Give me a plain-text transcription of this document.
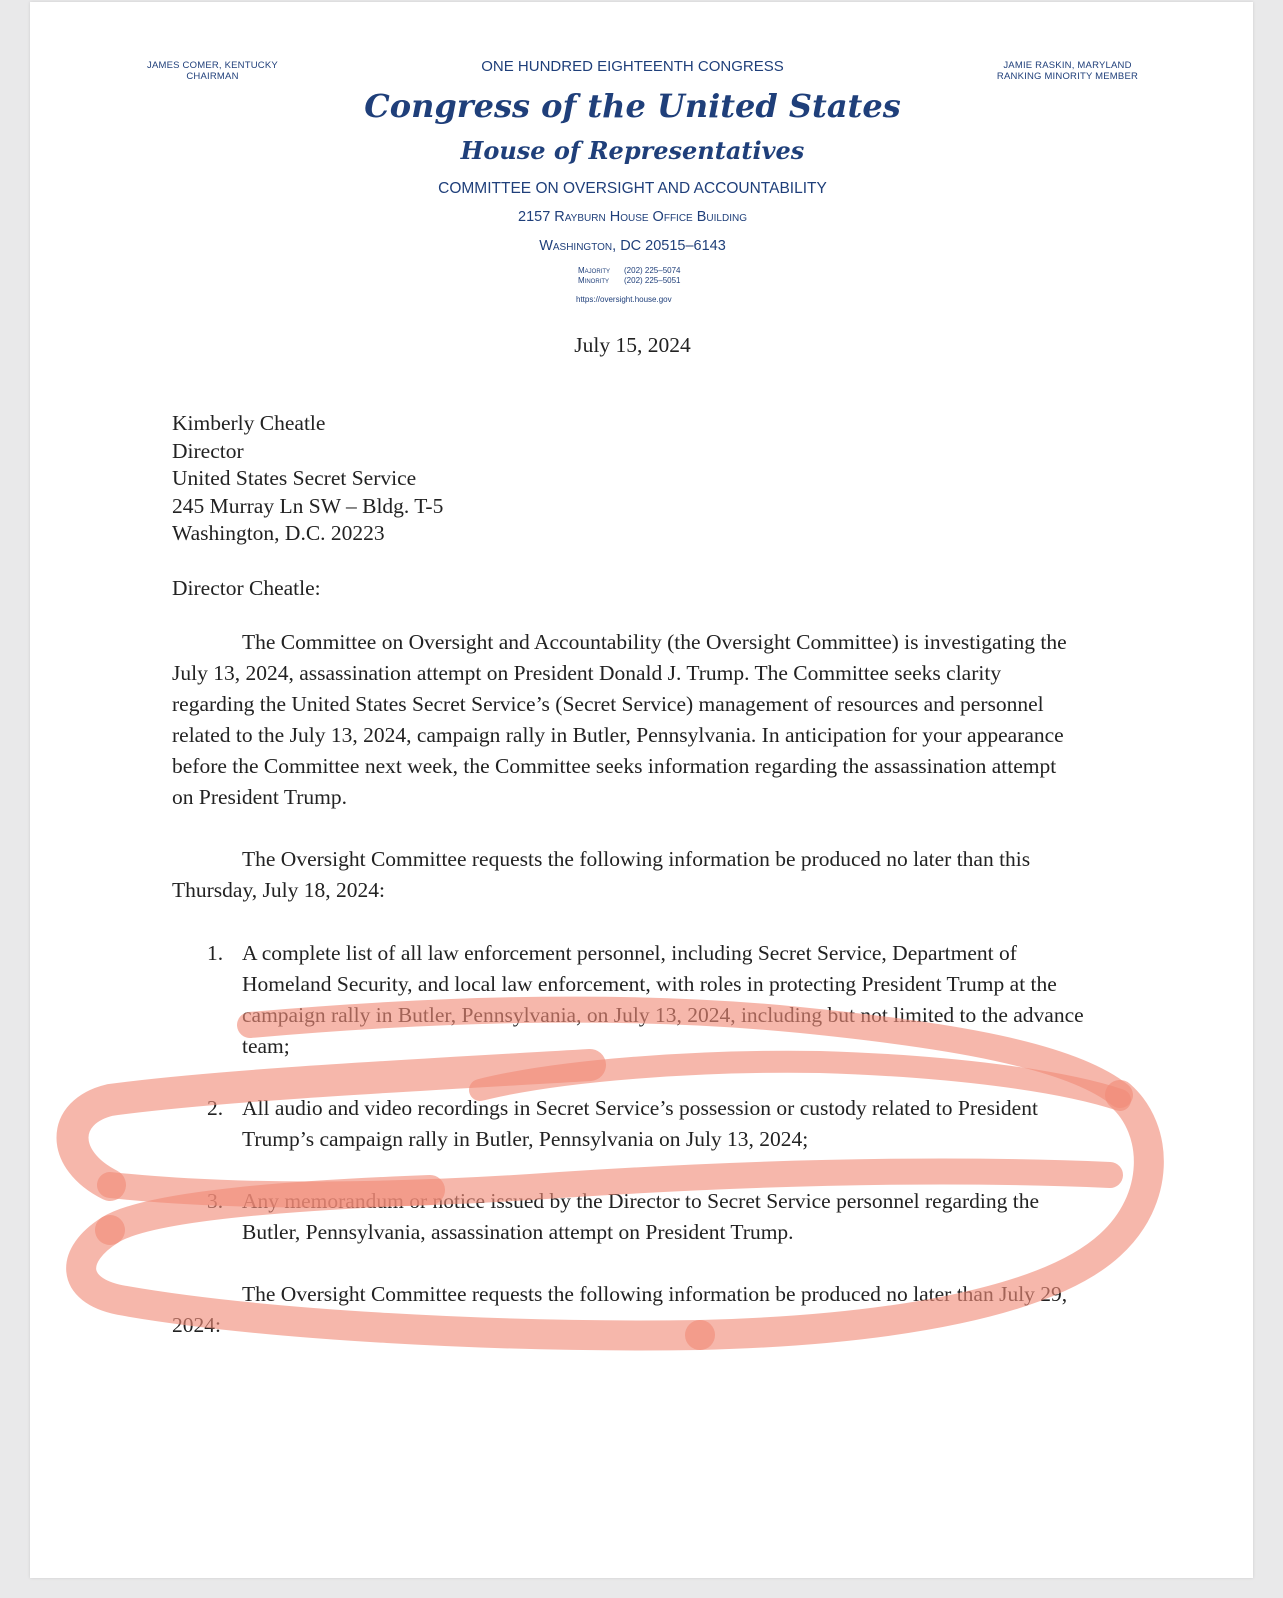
JAMES COMER, KENTUCKY
CHAIRMAN
JAMIE RASKIN, MARYLAND
RANKING MINORITY MEMBER
ONE HUNDRED EIGHTEENTH CONGRESS
Congress of the United States
House of Representatives
COMMITTEE ON OVERSIGHT AND ACCOUNTABILITY
2157 Rayburn House Office Building
Washington, DC 20515–6143
Majority (202) 225–5074
Minority (202) 225–5051
https://oversight.house.gov
July 15, 2024
Kimberly Cheatle
Director
United States Secret Service
245 Murray Ln SW – Bldg. T-5
Washington, D.C. 20223
Director Cheatle:

The Committee on Oversight and Accountability (the Oversight Committee) is investigating the July 13, 2024, assassination attempt on President Donald J. Trump. The Committee seeks clarity regarding the United States Secret Service’s (Secret Service) management of resources and personnel related to the July 13, 2024, campaign rally in Butler, Pennsylvania. In anticipation for your appearance before the Committee next week, the Committee seeks information regarding the assassination attempt on President Trump.

The Oversight Committee requests the following information be produced no later than this Thursday, July 18, 2024:

1. A complete list of all law enforcement personnel, including Secret Service, Department of Homeland Security, and local law enforcement, with roles in protecting President Trump at the campaign rally in Butler, Pennsylvania, on July 13, 2024, including but not limited to the advance team;
2. All audio and video recordings in Secret Service’s possession or custody related to President Trump’s campaign rally in Butler, Pennsylvania on July 13, 2024;
3. Any memorandum or notice issued by the Director to Secret Service personnel regarding the Butler, Pennsylvania, assassination attempt on President Trump.

The Oversight Committee requests the following information be produced no later than July 29, 2024:
